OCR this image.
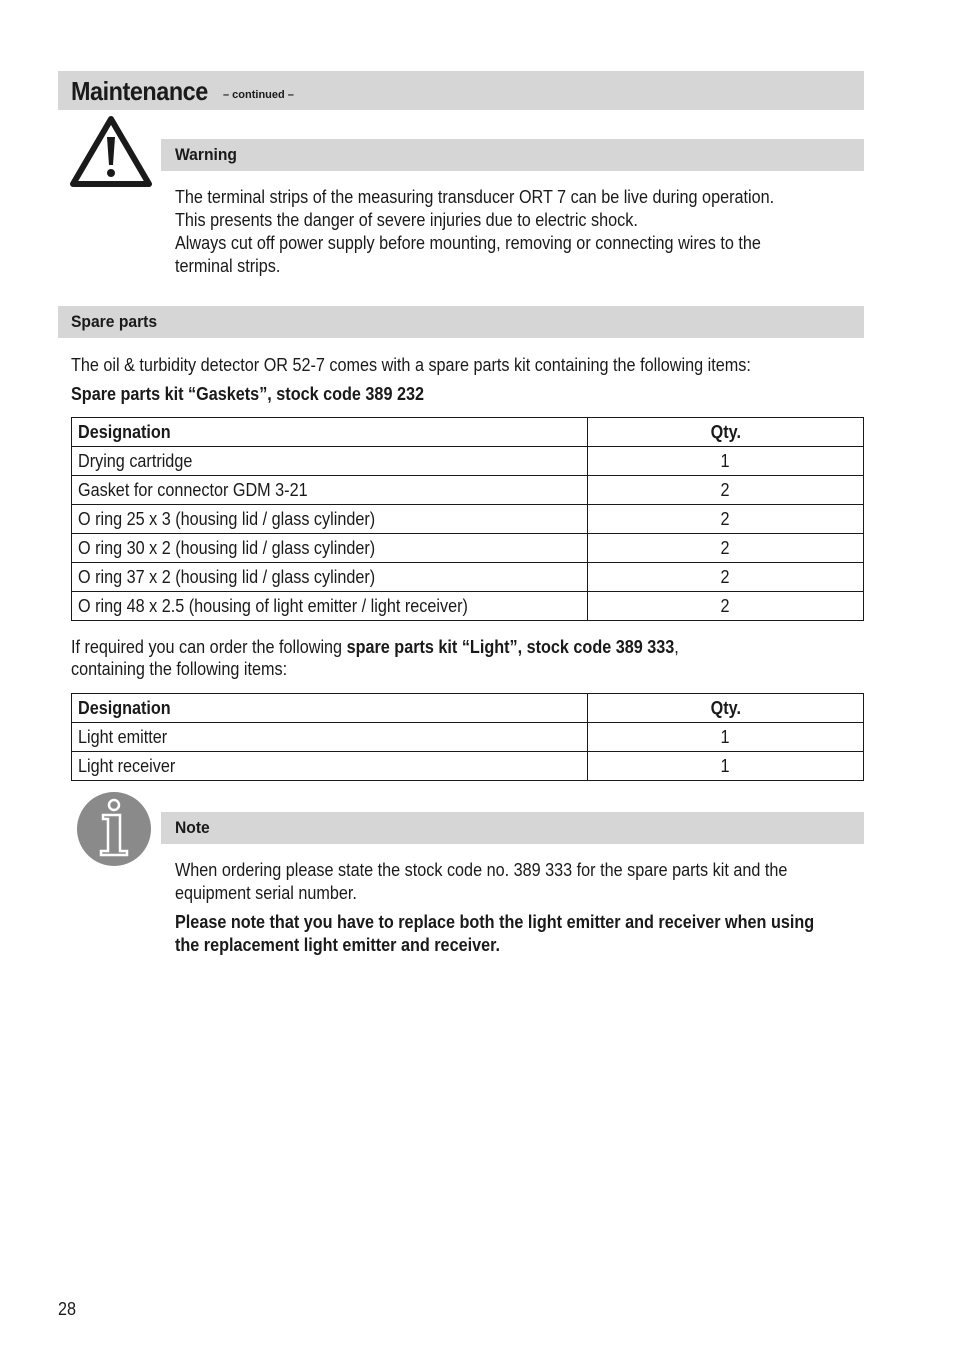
Maintenance – continued –
Warning
The terminal strips of the measuring transducer ORT 7 can be live during operation.
This presents the danger of severe injuries due to electric shock.
Always cut off power supply before mounting, removing or connecting wires to the
terminal strips.
Spare parts
The oil & turbidity detector OR 52-7 comes with a spare parts kit containing the following items:
Spare parts kit “Gaskets”, stock code 389 232
Designation	Qty.
Drying cartridge	1
Gasket for connector GDM 3-21	2
O ring 25 x 3 (housing lid / glass cylinder)	2
O ring 30 x 2 (housing lid / glass cylinder)	2
O ring 37 x 2 (housing lid / glass cylinder)	2
O ring 48 x 2.5 (housing of light emitter / light receiver)	2
If required you can order the following spare parts kit “Light”, stock code 389 333,
containing the following items:
Designation	Qty.
Light emitter	1
Light receiver	1
Note
When ordering please state the stock code no. 389 333 for the spare parts kit and the
equipment serial number.
Please note that you have to replace both the light emitter and receiver when using
the replacement light emitter and receiver.
28
